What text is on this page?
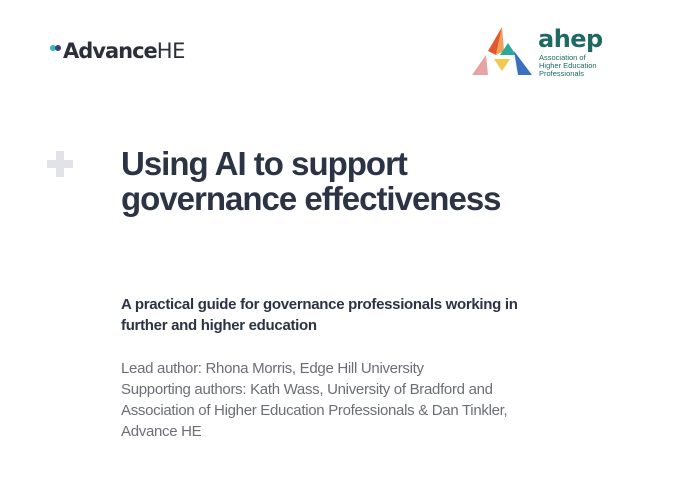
Advance HE	ahep
Association of
Higher Education
Professionals
Using AI to support
governance effectiveness
A practical guide for governance professionals working in
further and higher education

Lead author: Rhona Morris, Edge Hill University

Supporting authors: Kath Wass, University of Bradford and

Association of Higher Education Professionals & Dan Tinkler,

Advance HE
